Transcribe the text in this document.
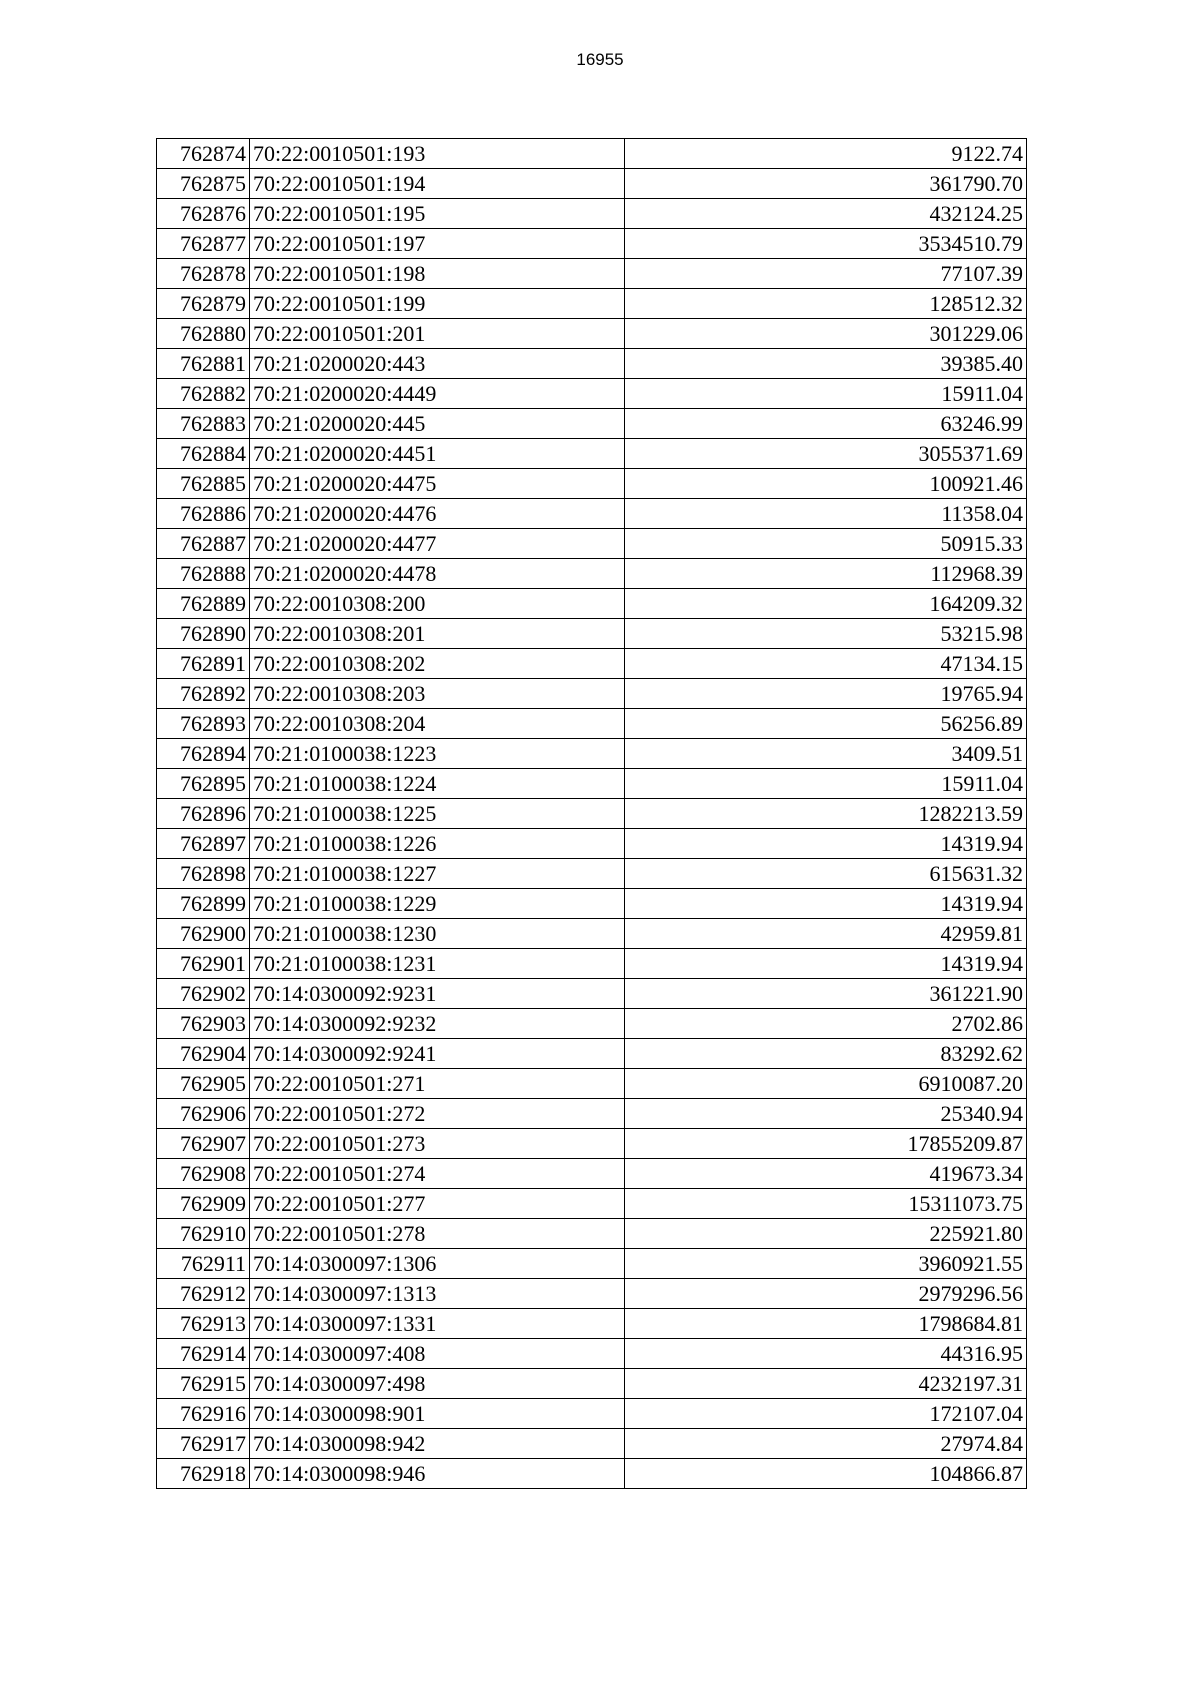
16955
762874	70:22:0010501:193	9122.74
762875	70:22:0010501:194	361790.70
762876	70:22:0010501:195	432124.25
762877	70:22:0010501:197	3534510.79
762878	70:22:0010501:198	77107.39
762879	70:22:0010501:199	128512.32
762880	70:22:0010501:201	301229.06
762881	70:21:0200020:443	39385.40
762882	70:21:0200020:4449	15911.04
762883	70:21:0200020:445	63246.99
762884	70:21:0200020:4451	3055371.69
762885	70:21:0200020:4475	100921.46
762886	70:21:0200020:4476	11358.04
762887	70:21:0200020:4477	50915.33
762888	70:21:0200020:4478	112968.39
762889	70:22:0010308:200	164209.32
762890	70:22:0010308:201	53215.98
762891	70:22:0010308:202	47134.15
762892	70:22:0010308:203	19765.94
762893	70:22:0010308:204	56256.89
762894	70:21:0100038:1223	3409.51
762895	70:21:0100038:1224	15911.04
762896	70:21:0100038:1225	1282213.59
762897	70:21:0100038:1226	14319.94
762898	70:21:0100038:1227	615631.32
762899	70:21:0100038:1229	14319.94
762900	70:21:0100038:1230	42959.81
762901	70:21:0100038:1231	14319.94
762902	70:14:0300092:9231	361221.90
762903	70:14:0300092:9232	2702.86
762904	70:14:0300092:9241	83292.62
762905	70:22:0010501:271	6910087.20
762906	70:22:0010501:272	25340.94
762907	70:22:0010501:273	17855209.87
762908	70:22:0010501:274	419673.34
762909	70:22:0010501:277	15311073.75
762910	70:22:0010501:278	225921.80
762911	70:14:0300097:1306	3960921.55
762912	70:14:0300097:1313	2979296.56
762913	70:14:0300097:1331	1798684.81
762914	70:14:0300097:408	44316.95
762915	70:14:0300097:498	4232197.31
762916	70:14:0300098:901	172107.04
762917	70:14:0300098:942	27974.84
762918	70:14:0300098:946	104866.87
